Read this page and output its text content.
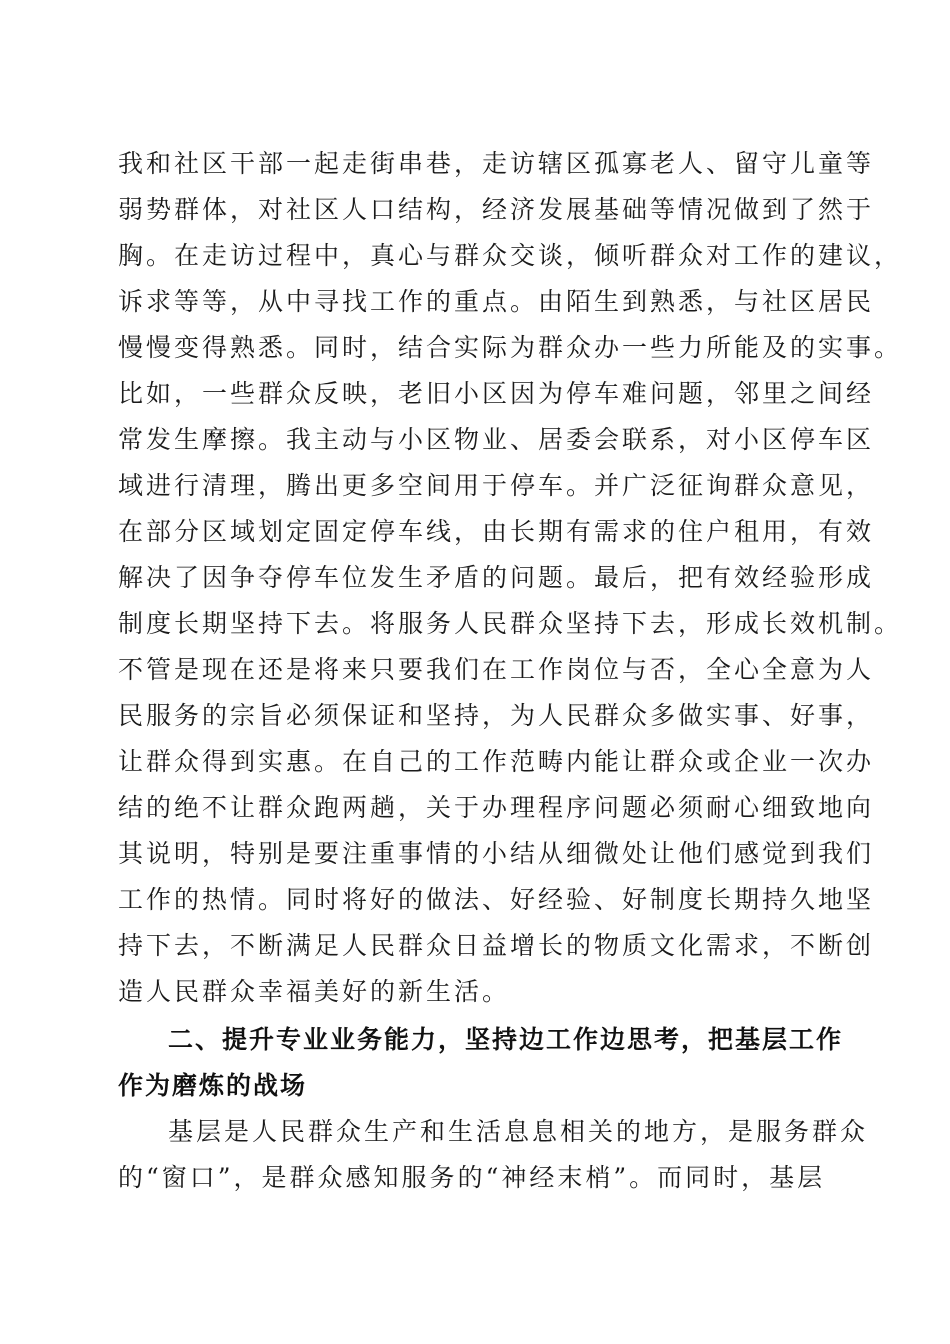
我和社区干部一起走街串巷，走访辖区孤寡老人、留守儿童等
弱势群体，对社区人口结构，经济发展基础等情况做到了然于
胸。在走访过程中，真心与群众交谈，倾听群众对工作的建议，
诉求等等，从中寻找工作的重点。由陌生到熟悉，与社区居民
慢慢变得熟悉。同时，结合实际为群众办一些力所能及的实事。
比如，一些群众反映，老旧小区因为停车难问题，邻里之间经
常发生摩擦。我主动与小区物业、居委会联系，对小区停车区
域进行清理，腾出更多空间用于停车。并广泛征询群众意见，
在部分区域划定固定停车线，由长期有需求的住户租用，有效
解决了因争夺停车位发生矛盾的问题。最后，把有效经验形成
制度长期坚持下去。将服务人民群众坚持下去，形成长效机制。
不管是现在还是将来只要我们在工作岗位与否，全心全意为人
民服务的宗旨必须保证和坚持，为人民群众多做实事、好事，
让群众得到实惠。在自己的工作范畴内能让群众或企业一次办
结的绝不让群众跑两趟，关于办理程序问题必须耐心细致地向
其说明，特别是要注重事情的小结从细微处让他们感觉到我们
工作的热情。同时将好的做法、好经验、好制度长期持久地坚
持下去，不断满足人民群众日益增长的物质文化需求，不断创
造人民群众幸福美好的新生活。
二、提升专业业务能力，坚持边工作边思考，把基层工作
作为磨炼的战场
基层是人民群众生产和生活息息相关的地方，是服务群众
的“窗口”，是群众感知服务的“神经末梢”。而同时，基层
